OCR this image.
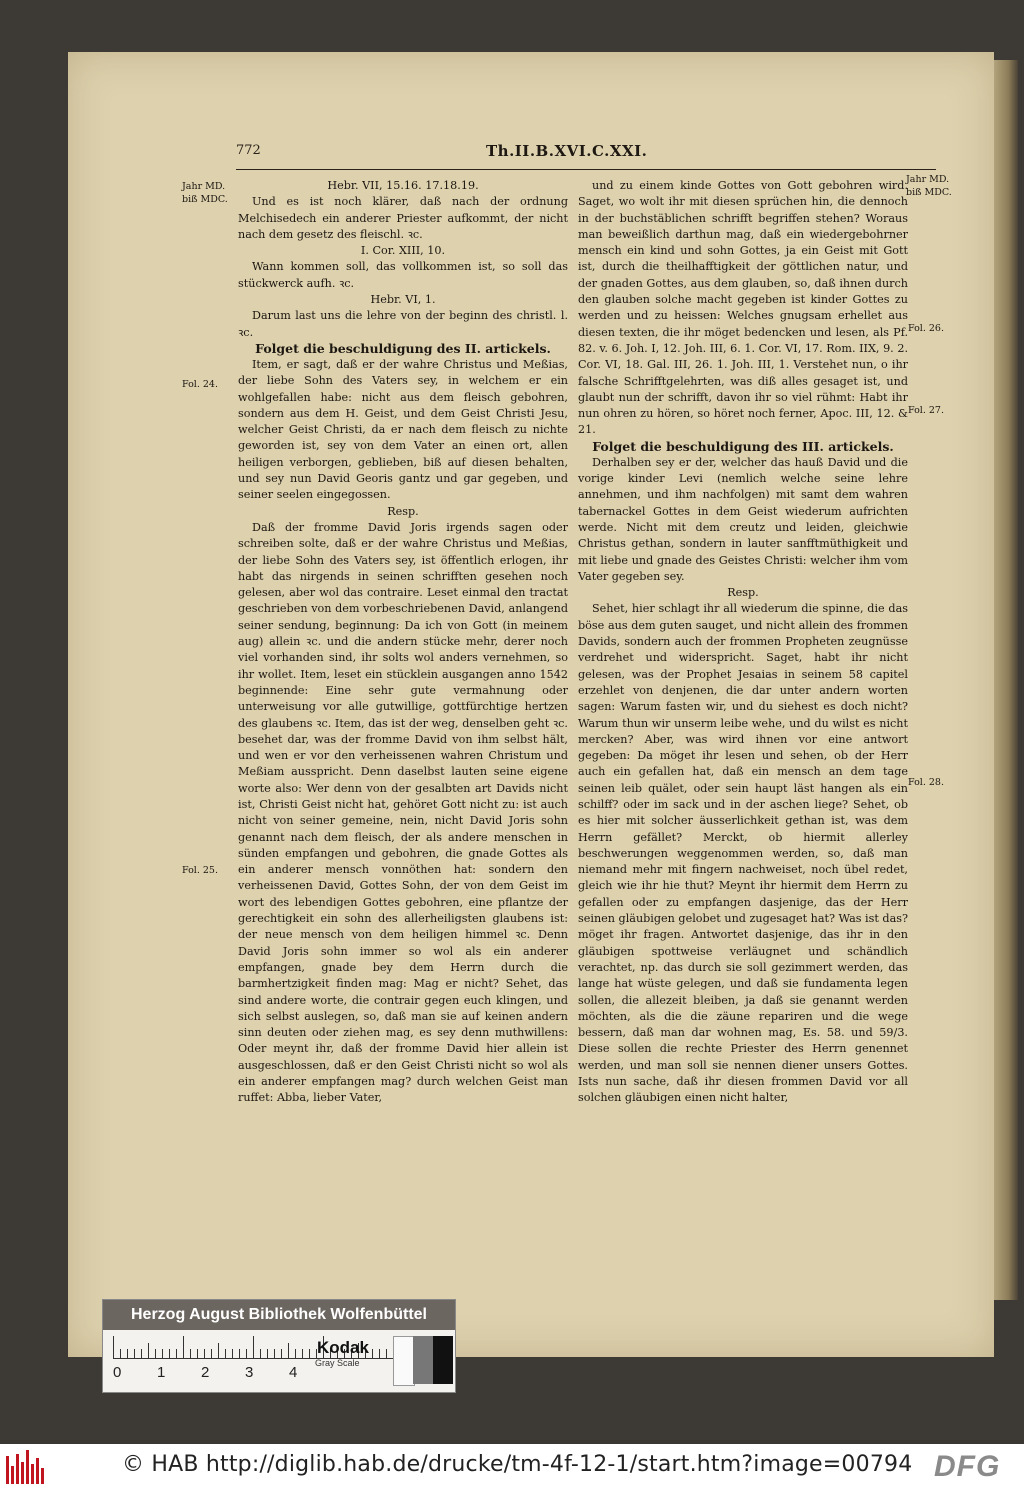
772	Th.II.B.XVI.C.XXI.
Jahr MD.
biß MDC.
Jahr MD.
biß MDC.
Fol. 24.
Fol. 25.
Fol. 26.
Fol. 27.
Fol. 28.

Hebr. VII, 15.16. 17.18.19.

Und es ist noch klärer, daß nach der ordnung Melchisedech ein anderer Priester aufkommt, der nicht nach dem gesetz des fleischl. ꝛc.

I. Cor. XIII, 10.

Wann kommen soll, das vollkommen ist, so soll das stückwerck aufh. ꝛc.

Hebr. VI, 1.

Darum last uns die lehre von der beginn des christl. l. ꝛc.

Folget die beschuldigung des II. artickels.

Item, er sagt, daß er der wahre Christus und Meßias, der liebe Sohn des Vaters sey, in welchem er ein wohlgefallen habe: nicht aus dem fleisch gebohren, sondern aus dem H. Geist, und dem Geist Christi Jesu, welcher Geist Christi, da er nach dem fleisch zu nichte geworden ist, sey von dem Vater an einen ort, allen heiligen verborgen, geblieben, biß auf diesen behalten, und sey nun David Georis gantz und gar gegeben, und seiner seelen eingegossen.

Resp.

Daß der fromme David Joris irgends sagen oder schreiben solte, daß er der wahre Christus und Meßias, der liebe Sohn des Vaters sey, ist öffentlich erlogen, ihr habt das nirgends in seinen schrifften gesehen noch gelesen, aber wol das contraire. Leset einmal den tractat geschrieben von dem vorbeschriebenen David, anlangend seiner sendung, beginnung: Da ich von Gott (in meinem aug) allein ꝛc. und die andern stücke mehr, derer noch viel vorhanden sind, ihr solts wol anders vernehmen, so ihr wollet. Item, leset ein stücklein ausgangen anno 1542 beginnende: Eine sehr gute vermahnung oder unterweisung vor alle gutwillige, gottfürchtige hertzen des glaubens ꝛc. Item, das ist der weg, denselben geht ꝛc. besehet dar, was der fromme David von ihm selbst hält, und wen er vor den verheissenen wahren Christum und Meßiam ausspricht. Denn daselbst lauten seine eigene worte also: Wer denn von der gesalbten art Davids nicht ist, Christi Geist nicht hat, gehöret Gott nicht zu: ist auch nicht von seiner gemeine, nein, nicht David Joris sohn genannt nach dem fleisch, der als andere menschen in sünden empfangen und gebohren, die gnade Gottes als ein anderer mensch vonnöthen hat: sondern den verheissenen David, Gottes Sohn, der von dem Geist im wort des lebendigen Gottes gebohren, eine pflantze der gerechtigkeit ein sohn des allerheiligsten glaubens ist: der neue mensch von dem heiligen himmel ꝛc. Denn David Joris sohn immer so wol als ein anderer empfangen, gnade bey dem Herrn durch die barmhertzigkeit finden mag: Mag er nicht? Sehet, das sind andere worte, die contrair gegen euch klingen, und sich selbst auslegen, so, daß man sie auf keinen andern sinn deuten oder ziehen mag, es sey denn muthwillens: Oder meynt ihr, daß der fromme David hier allein ist ausgeschlossen, daß er den Geist Christi nicht so wol als ein anderer empfangen mag? durch welchen Geist man ruffet: Abba, lieber Vater,

und zu einem kinde Gottes von Gott gebohren wird. Saget, wo wolt ihr mit diesen sprüchen hin, die dennoch in der buchstäblichen schrifft begriffen stehen? Woraus man beweißlich darthun mag, daß ein wiedergebohrner mensch ein kind und sohn Gottes, ja ein Geist mit Gott ist, durch die theilhafftigkeit der göttlichen natur, und der gnaden Gottes, aus dem glauben, so, daß ihnen durch den glauben solche macht gegeben ist kinder Gottes zu werden und zu heissen: Welches gnugsam erhellet aus diesen texten, die ihr möget bedencken und lesen, als Pf. 82. v. 6. Joh. I, 12. Joh. III, 6. 1. Cor. VI, 17. Rom. IIX, 9. 2. Cor. VI, 18. Gal. III, 26. 1. Joh. III, 1. Verstehet nun, o ihr falsche Schrifftgelehrten, was diß alles gesaget ist, und glaubt nun der schrifft, davon ihr so viel rühmt: Habt ihr nun ohren zu hören, so höret noch ferner, Apoc. III, 12. & 21.

Folget die beschuldigung des III. artickels.

Derhalben sey er der, welcher das hauß David und die vorige kinder Levi (nemlich welche seine lehre annehmen, und ihm nachfolgen) mit samt dem wahren tabernackel Gottes in dem Geist wiederum aufrichten werde. Nicht mit dem creutz und leiden, gleichwie Christus gethan, sondern in lauter sanfftmüthigkeit und mit liebe und gnade des Geistes Christi: welcher ihm vom Vater gegeben sey.

Resp.

Sehet, hier schlagt ihr all wiederum die spinne, die das böse aus dem guten sauget, und nicht allein des frommen Davids, sondern auch der frommen Propheten zeugnüsse verdrehet und widerspricht. Saget, habt ihr nicht gelesen, was der Prophet Jesaias in seinem 58 capitel erzehlet von denjenen, die dar unter andern worten sagen: Warum fasten wir, und du siehest es doch nicht? Warum thun wir unserm leibe wehe, und du wilst es nicht mercken? Aber, was wird ihnen vor eine antwort gegeben: Da möget ihr lesen und sehen, ob der Herr auch ein gefallen hat, daß ein mensch an dem tage seinen leib quälet, oder sein haupt läst hangen als ein schilff? oder im sack und in der aschen liege? Sehet, ob es hier mit solcher äusserlichkeit gethan ist, was dem Herrn gefället? Merckt, ob hiermit allerley beschwerungen weggenommen werden, so, daß man niemand mehr mit fingern nachweiset, noch übel redet, gleich wie ihr hie thut? Meynt ihr hiermit dem Herrn zu gefallen oder zu empfangen dasjenige, das der Herr seinen gläubigen gelobet und zugesaget hat? Was ist das? möget ihr fragen. Antwortet dasjenige, das ihr in den gläubigen spottweise verläugnet und schändlich verachtet, np. das durch sie soll gezimmert werden, das lange hat wüste gelegen, und daß sie fundamenta legen sollen, die allezeit bleiben, ja daß sie genannt werden möchten, als die die zäune repariren und die wege bessern, daß man dar wohnen mag, Es. 58. und 59/3. Diese sollen die rechte Priester des Herrn genennet werden, und man soll sie nennen diener unsers Gottes. Ists nun sache, daß ihr diesen frommen David vor all solchen gläubigen einen nicht halter,

Herzog August Bibliothek Wolfenbüttel
0 1 2 3 4
Kodak
Gray Scale
© HAB http://diglib.hab.de/drucke/tm-4f-12-1/start.htm?image=00794 DFG
